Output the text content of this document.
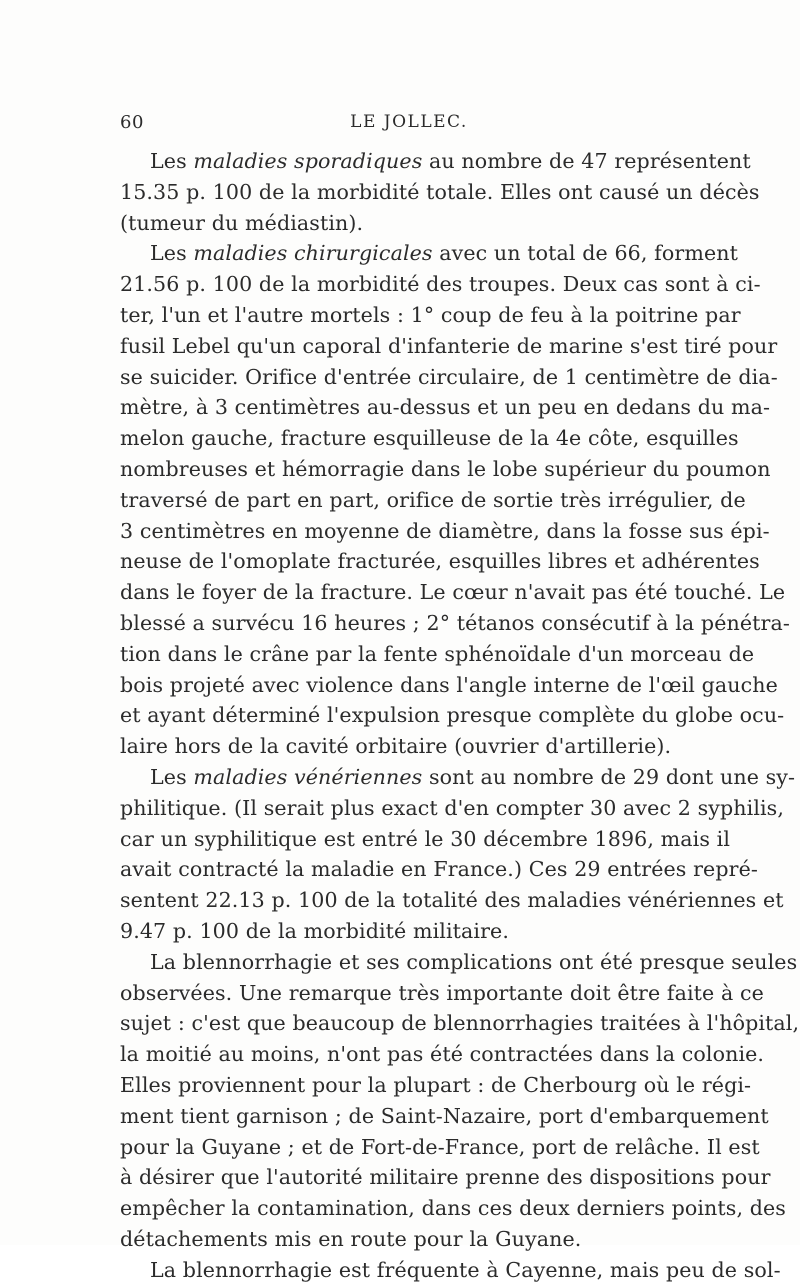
60	LE JOLLEC.
Les maladies sporadiques au nombre de 47 représentent
15.35 p. 100 de la morbidité totale. Elles ont causé un décès
(tumeur du médiastin).
Les maladies chirurgicales avec un total de 66, forment
21.56 p. 100 de la morbidité des troupes. Deux cas sont à ci-
ter, l'un et l'autre mortels : 1° coup de feu à la poitrine par
fusil Lebel qu'un caporal d'infanterie de marine s'est tiré pour
se suicider. Orifice d'entrée circulaire, de 1 centimètre de dia-
mètre, à 3 centimètres au-dessus et un peu en dedans du ma-
melon gauche, fracture esquilleuse de la 4e côte, esquilles
nombreuses et hémorragie dans le lobe supérieur du poumon
traversé de part en part, orifice de sortie très irrégulier, de
3 centimètres en moyenne de diamètre, dans la fosse sus épi-
neuse de l'omoplate fracturée, esquilles libres et adhérentes
dans le foyer de la fracture. Le cœur n'avait pas été touché. Le
blessé a survécu 16 heures ; 2° tétanos consécutif à la pénétra-
tion dans le crâne par la fente sphénoïdale d'un morceau de
bois projeté avec violence dans l'angle interne de l'œil gauche
et ayant déterminé l'expulsion presque complète du globe ocu-
laire hors de la cavité orbitaire (ouvrier d'artillerie).
Les maladies vénériennes sont au nombre de 29 dont une sy-
philitique. (Il serait plus exact d'en compter 30 avec 2 syphilis,
car un syphilitique est entré le 30 décembre 1896, mais il
avait contracté la maladie en France.) Ces 29 entrées repré-
sentent 22.13 p. 100 de la totalité des maladies vénériennes et
9.47 p. 100 de la morbidité militaire.
La blennorrhagie et ses complications ont été presque seules
observées. Une remarque très importante doit être faite à ce
sujet : c'est que beaucoup de blennorrhagies traitées à l'hôpital,
la moitié au moins, n'ont pas été contractées dans la colonie.
Elles proviennent pour la plupart : de Cherbourg où le régi-
ment tient garnison ; de Saint-Nazaire, port d'embarquement
pour la Guyane ; et de Fort-de-France, port de relâche. Il est
à désirer que l'autorité militaire prenne des dispositions pour
empêcher la contamination, dans ces deux derniers points, des
détachements mis en route pour la Guyane.
La blennorrhagie est fréquente à Cayenne, mais peu de sol-
